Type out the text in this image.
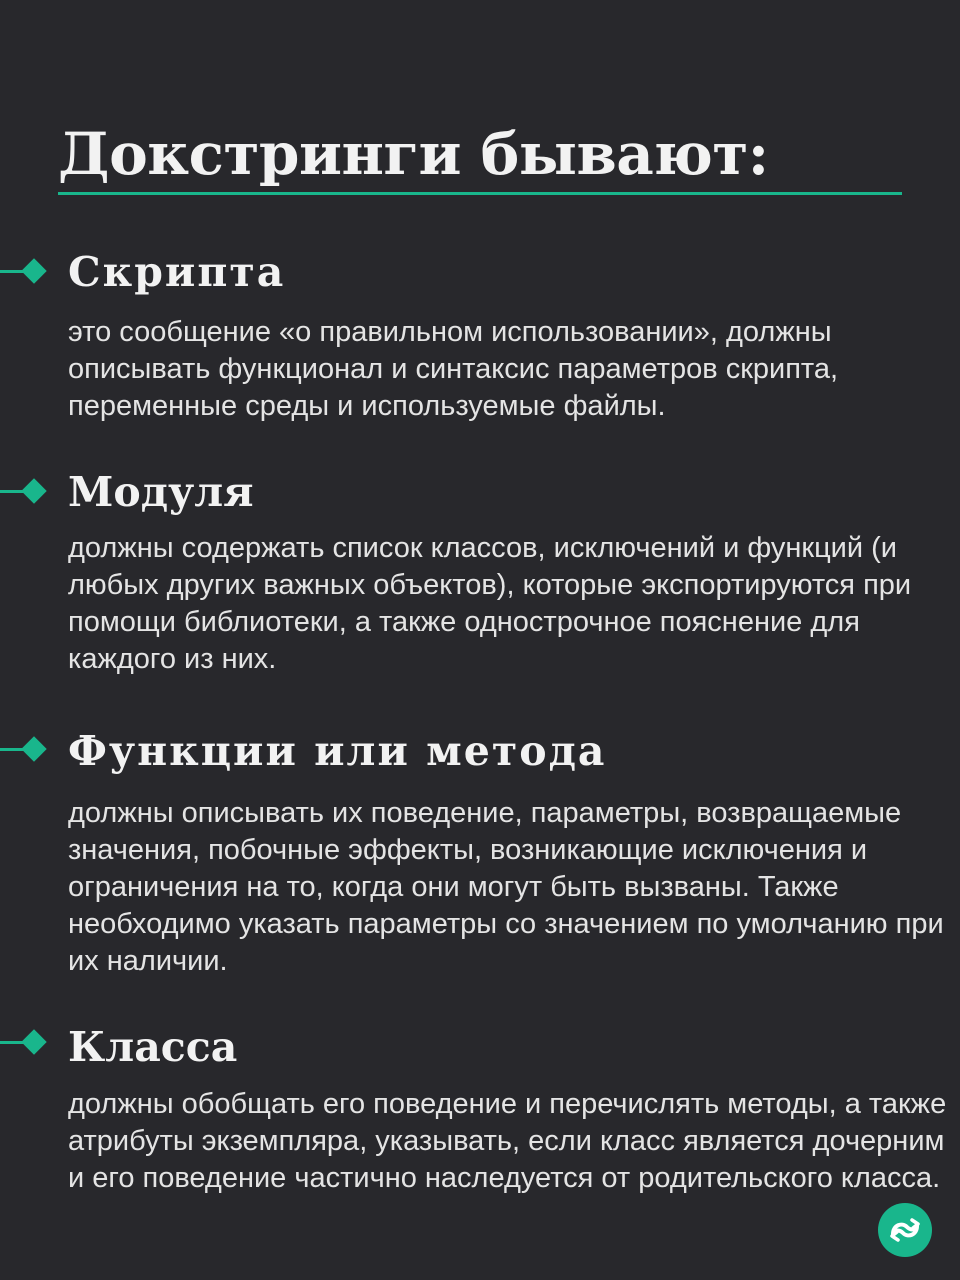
Докстринги бывают:
Скрипта

это сообщение «о правильном использовании», должны описывать функционал и синтаксис параметров скрипта, переменные среды и используемые файлы.

Модуля

должны содержать список классов, исключений и функций (и любых других важных объектов), которые экспортируются при помощи библиотеки, а также однострочное пояснение для каждого из них.

Функции или метода

должны описывать их поведение, параметры, возвращаемые значения, побочные эффекты, возникающие исключения и ограничения на то, когда они могут быть вызваны. Также необходимо указать параметры со значением по умолчанию при их наличии.

Класса

должны обобщать его поведение и перечислять методы, а также атрибуты экземпляра, указывать, если класс является дочерним и его поведение частично наследуется от родительского класса.
